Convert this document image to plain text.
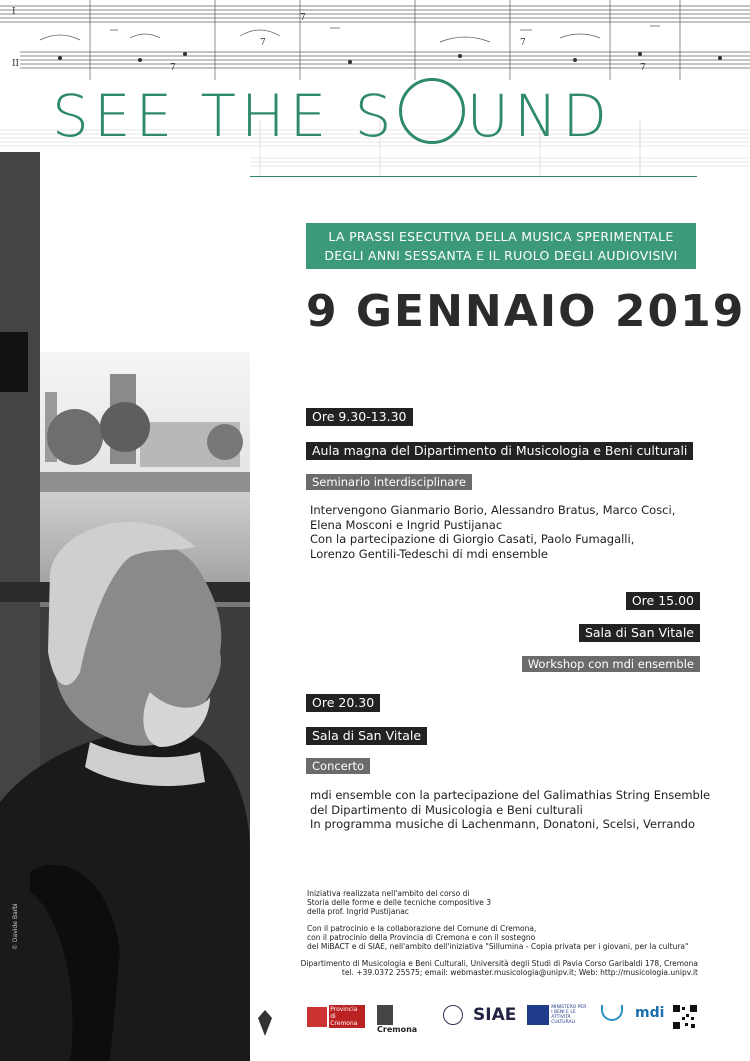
II
I
7
7	7
7
7
SEE THE S UND
© Davide Barbi
LA PRASSI ESECUTIVA DELLA MUSICA SPERIMENTALE
DEGLI ANNI SESSANTA E IL RUOLO DEGLI AUDIOVISIVI
9 GENNAIO 2019
Ore 9.30-13.30
Aula magna del Dipartimento di Musicologia e Beni culturali
Seminario interdisciplinare
Intervengono Gianmario Borio, Alessandro Bratus, Marco Cosci,
Elena Mosconi e Ingrid Pustijanac
Con la partecipazione di Giorgio Casati, Paolo Fumagalli,
Lorenzo Gentili-Tedeschi di mdi ensemble
Ore 15.00
Sala di San Vitale
Workshop con mdi ensemble
Ore 20.30
Sala di San Vitale
Concerto
mdi ensemble con la partecipazione del Galimathias String Ensemble
del Dipartimento di Musicologia e Beni culturali
In programma musiche di Lachenmann, Donatoni, Scelsi, Verrando
Iniziativa realizzata nell'ambito del corso di
Storia delle forme e delle tecniche compositive 3
della prof. Ingrid Pustijanac
Con il patrocinio e la collaborazione del Comune di Cremona,
con il patrocinio della Provincia di Cremona e con il sostegno
del MiBACT e di SIAE, nell'ambito dell'iniziativa "Sillumina - Copia privata per i giovani, per la cultura"
Dipartimento di Musicologia e Beni Culturali, Università degli Studi di Pavia Corso Garibaldi 178, Cremona
tel. +39.0372 25575; email: webmaster.musicologia@unipv.it; Web: http://musicologia.unipv.it
Provincia di Cremona
Cremona
SIAE	MINISTERO PER I BENI E LE ATTIVITÀ CULTURALI
mdi
